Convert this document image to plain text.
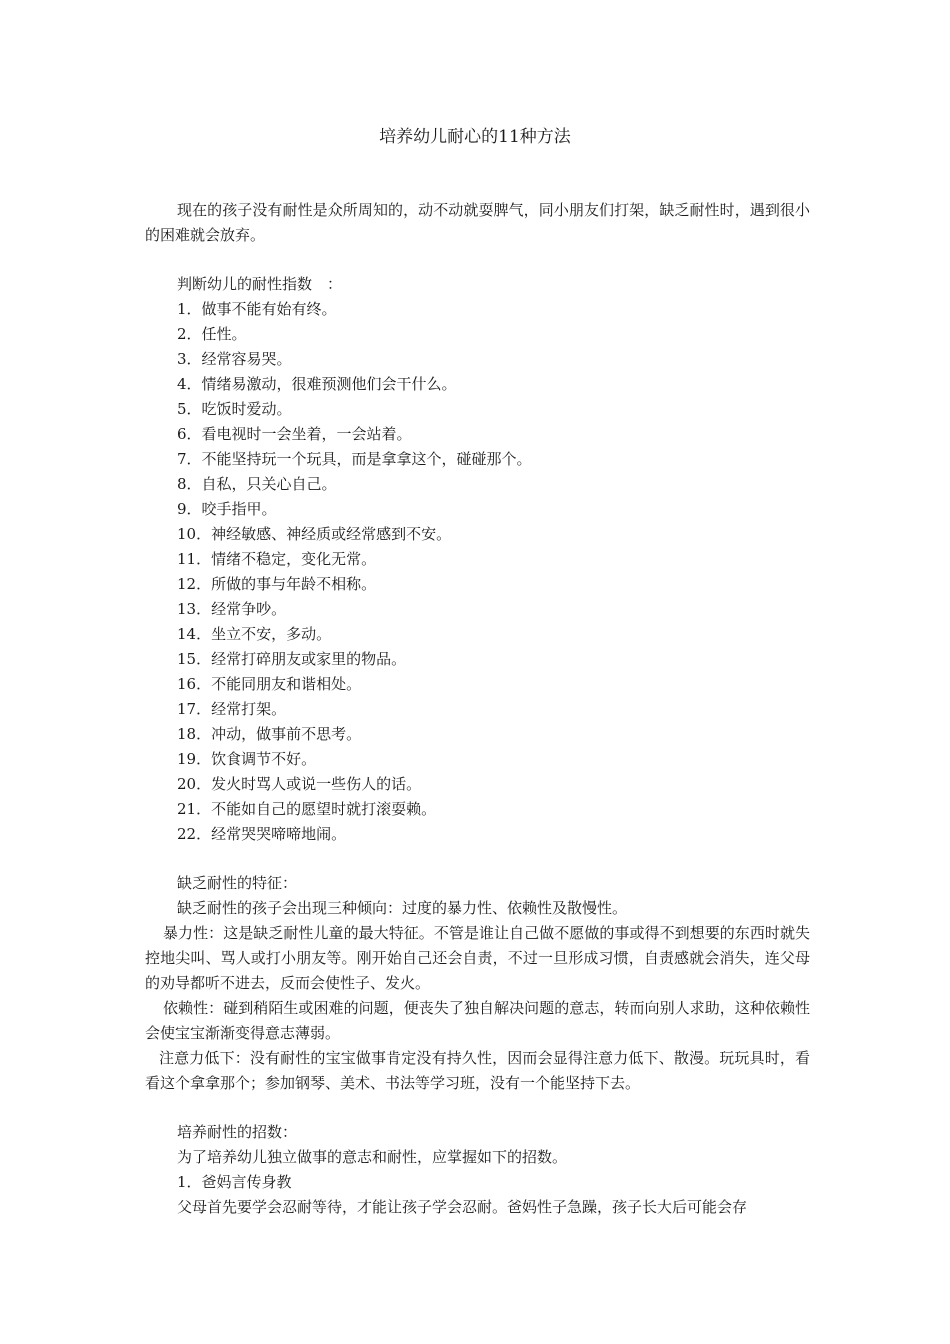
培养幼儿耐心的11种方法

现在的孩子没有耐性是众所周知的，动不动就耍脾气，同小朋友们打架，缺乏耐性时，遇到很小的困难就会放弃。

判断幼儿的耐性指数　：
1．做事不能有始有终。
2．任性。
3．经常容易哭。
4．情绪易激动，很难预测他们会干什么。
5．吃饭时爱动。
6．看电视时一会坐着，一会站着。
7．不能坚持玩一个玩具，而是拿拿这个，碰碰那个。
8．自私，只关心自己。
9．咬手指甲。
10．神经敏感、神经质或经常感到不安。
11．情绪不稳定，变化无常。
12．所做的事与年龄不相称。
13．经常争吵。
14．坐立不安，多动。
15．经常打碎朋友或家里的物品。
16．不能同朋友和谐相处。
17．经常打架。
18．冲动，做事前不思考。
19．饮食调节不好。
20．发火时骂人或说一些伤人的话。
21．不能如自己的愿望时就打滚耍赖。
22．经常哭哭啼啼地闹。
缺乏耐性的特征：
缺乏耐性的孩子会出现三种倾向：过度的暴力性、依赖性及散慢性。

暴力性：这是缺乏耐性儿童的最大特征。不管是谁让自己做不愿做的事或得不到想要的东西时就失控地尖叫、骂人或打小朋友等。刚开始自己还会自责，不过一旦形成习惯，自责感就会消失，连父母的劝导都听不进去，反而会使性子、发火。

依赖性：碰到稍陌生或困难的问题，便丧失了独自解决问题的意志，转而向别人求助，这种依赖性会使宝宝渐渐变得意志薄弱。

注意力低下：没有耐性的宝宝做事肯定没有持久性，因而会显得注意力低下、散漫。玩玩具时，看看这个拿拿那个；参加钢琴、美术、书法等学习班，没有一个能坚持下去。

培养耐性的招数：
为了培养幼儿独立做事的意志和耐性，应掌握如下的招数。
1．爸妈言传身教
父母首先要学会忍耐等待，才能让孩子学会忍耐。爸妈性子急躁，孩子长大后可能会存
